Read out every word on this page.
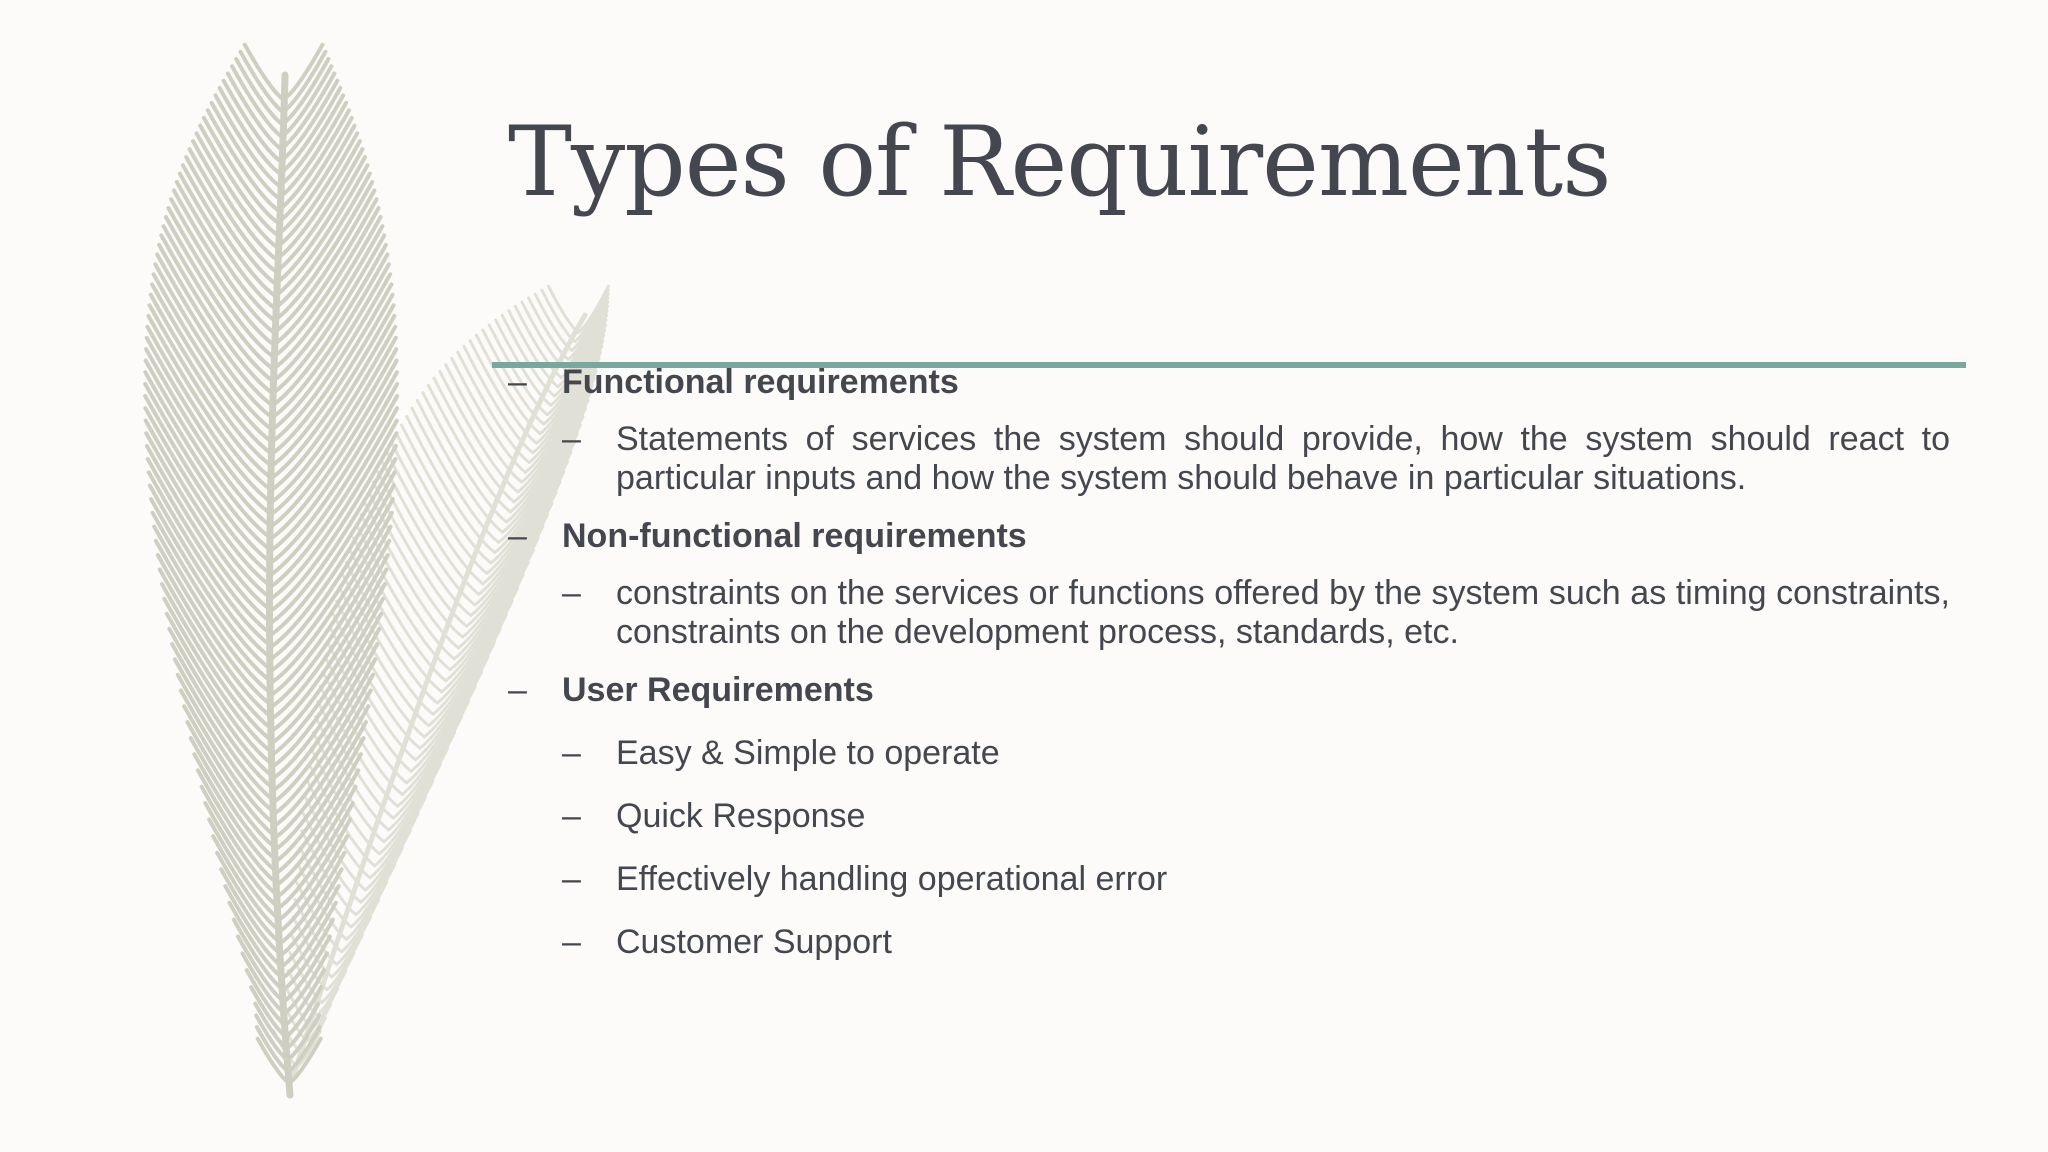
Types of Requirements
– Functional requirements
– Statements of services the system should provide, how the system should react to particular inputs and how the system should behave in particular situations.
– Non-functional requirements
– constraints on the services or functions offered by the system such as timing constraints, constraints on the development process, standards, etc.
– User Requirements
– Easy & Simple to operate
– Quick Response
– Effectively handling operational error
– Customer Support
